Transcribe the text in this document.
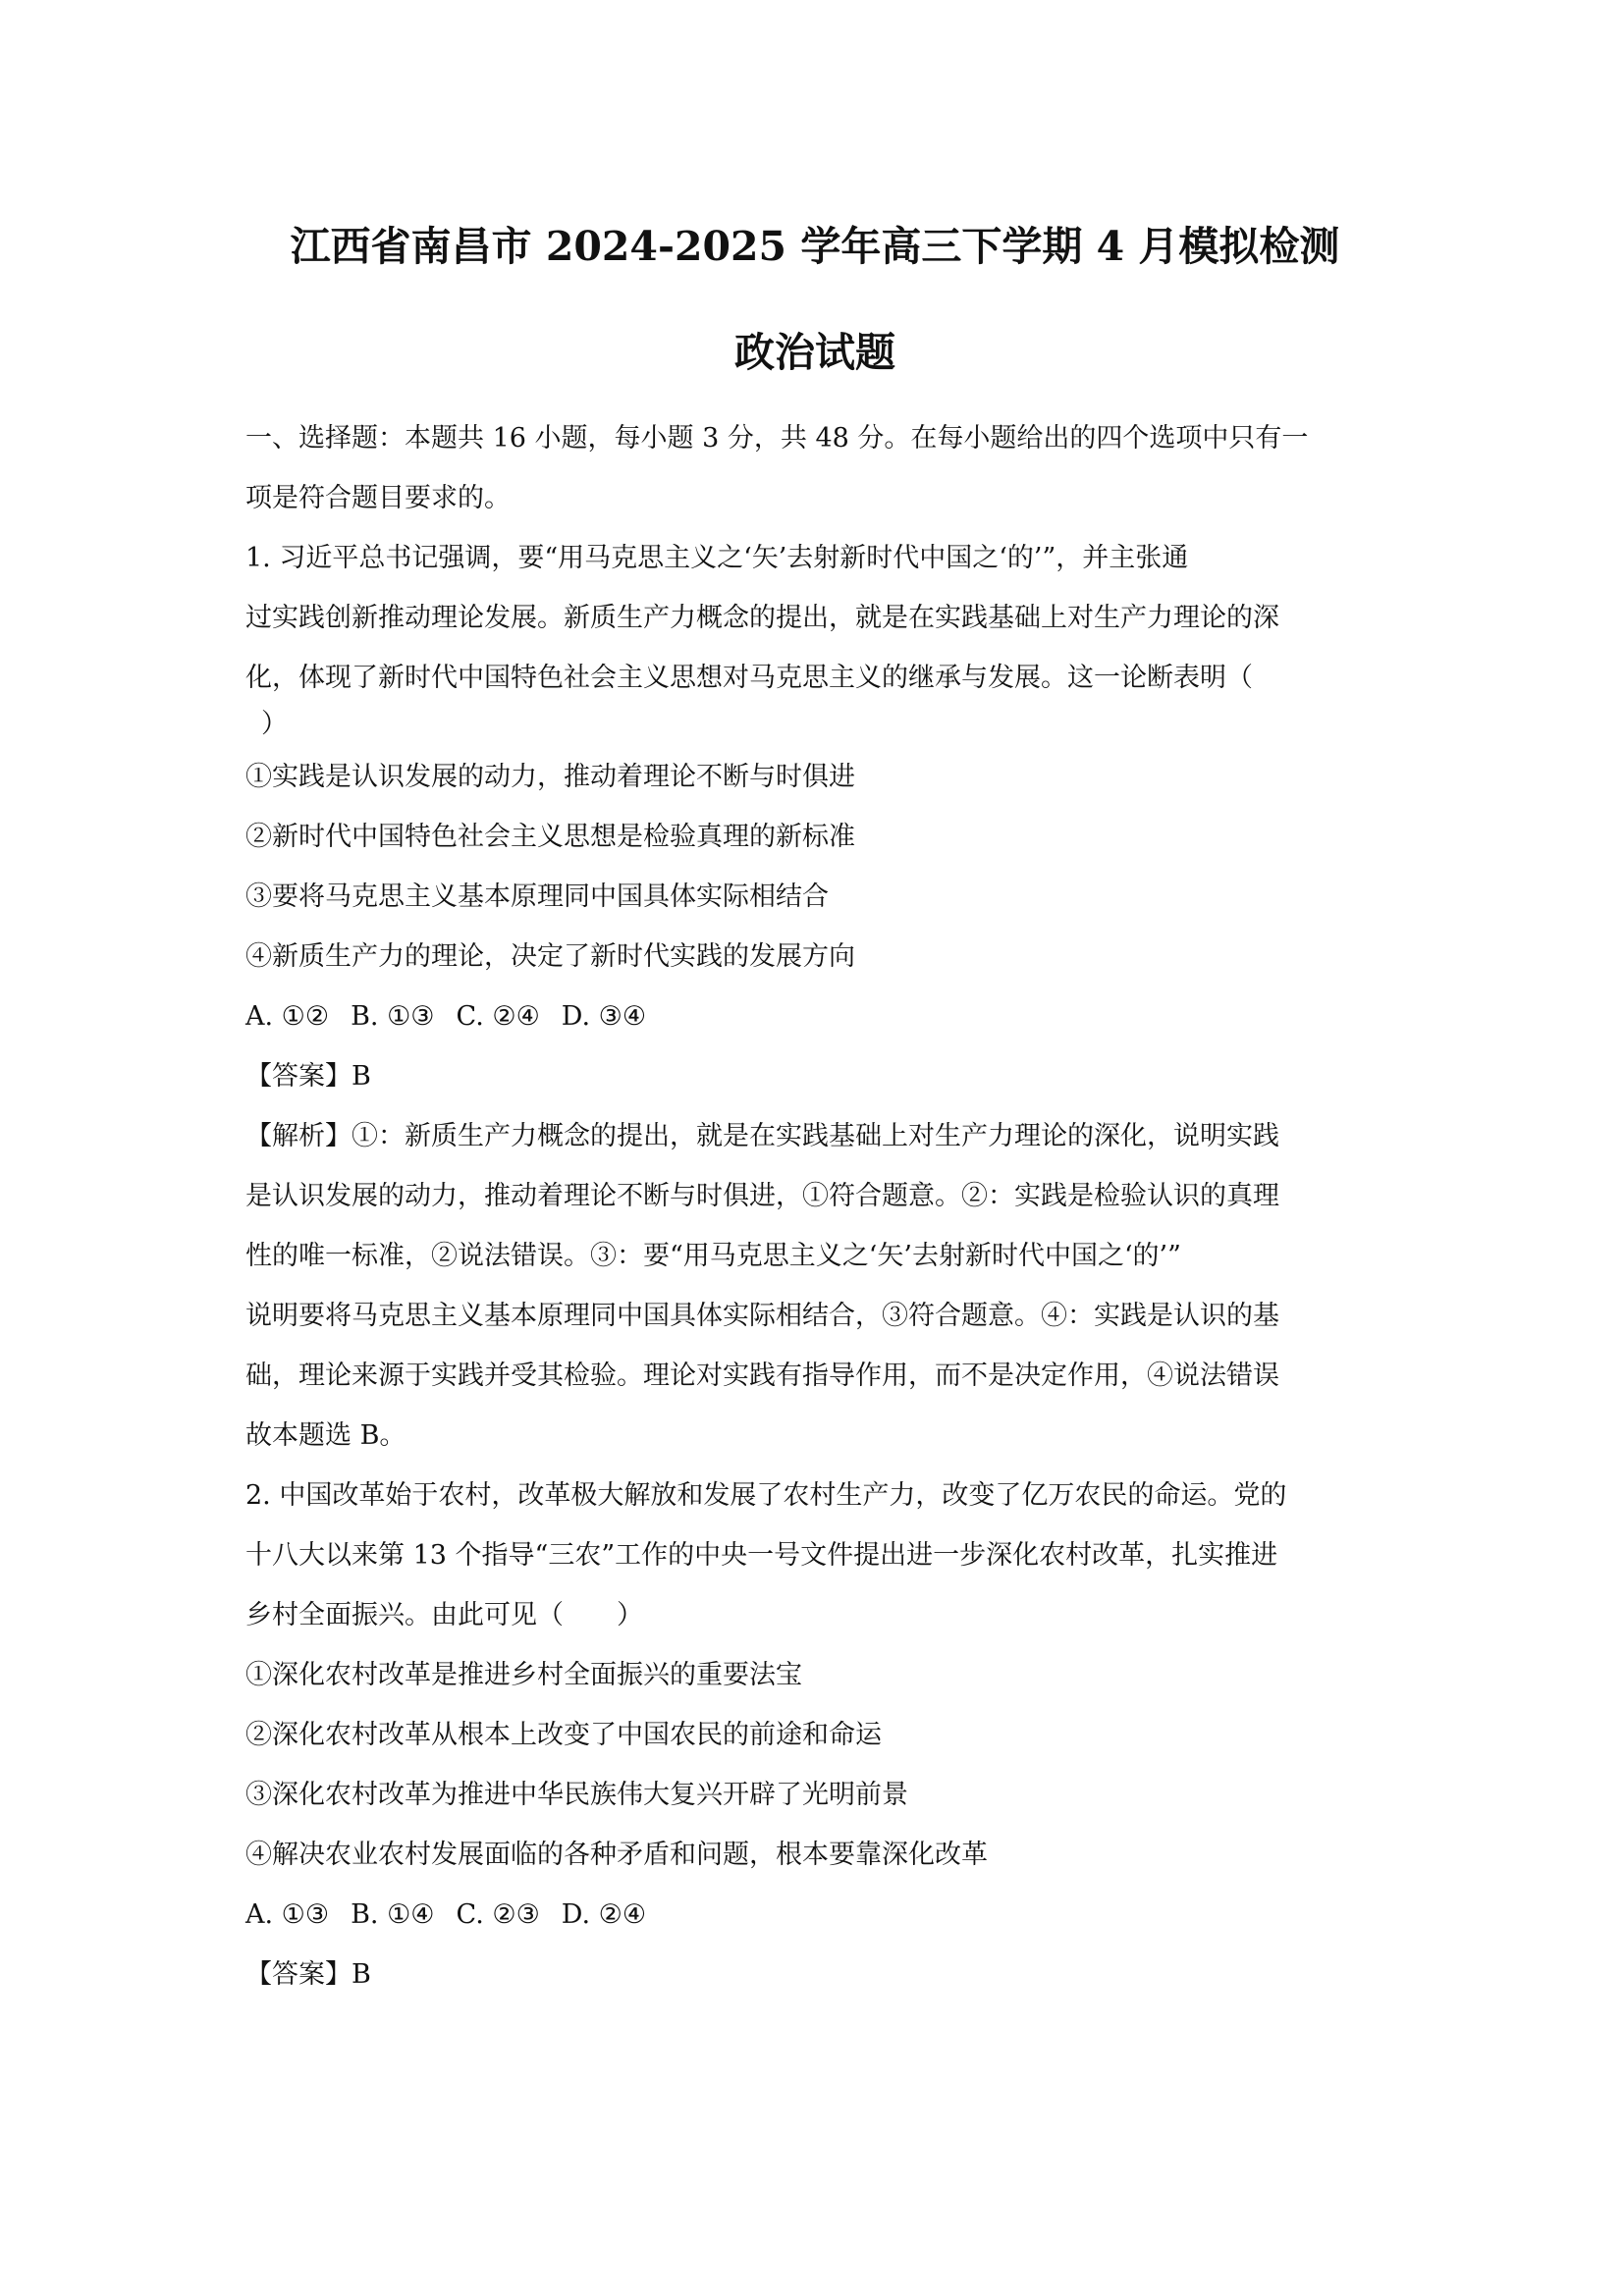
江西省南昌市 2024-2025 学年高三下学期 4 月模拟检测
政治试题
一、选择题：本题共 16 小题，每小题 3 分，共 48 分。在每小题给出的四个选项中只有一
项是符合题目要求的。
1. 习近平总书记强调，要“用马克思主义之‘矢’去射新时代中国之‘的’”，并主张通
过实践创新推动理论发展。新质生产力概念的提出，就是在实践基础上对生产力理论的深
化，体现了新时代中国特色社会主义思想对马克思主义的继承与发展。这一论断表明（
）
①实践是认识发展的动力，推动着理论不断与时俱进
②新时代中国特色社会主义思想是检验真理的新标准
③要将马克思主义基本原理同中国具体实际相结合
④新质生产力的理论，决定了新时代实践的发展方向
A. ①② B. ①③ C. ②④ D. ③④
【答案】B
【解析】①：新质生产力概念的提出，就是在实践基础上对生产力理论的深化，说明实践
是认识发展的动力，推动着理论不断与时俱进，①符合题意。②：实践是检验认识的真理
性的唯一标准，②说法错误。③：要“用马克思主义之‘矢’去射新时代中国之‘的’”
说明要将马克思主义基本原理同中国具体实际相结合，③符合题意。④：实践是认识的基
础，理论来源于实践并受其检验。理论对实践有指导作用，而不是决定作用，④说法错误
故本题选 B。
2. 中国改革始于农村，改革极大解放和发展了农村生产力，改变了亿万农民的命运。党的
十八大以来第 13 个指导“三农”工作的中央一号文件提出进一步深化农村改革，扎实推进
乡村全面振兴。由此可见（　　）
①深化农村改革是推进乡村全面振兴的重要法宝
②深化农村改革从根本上改变了中国农民的前途和命运
③深化农村改革为推进中华民族伟大复兴开辟了光明前景
④解决农业农村发展面临的各种矛盾和问题，根本要靠深化改革
A. ①③ B. ①④ C. ②③ D. ②④
【答案】B
